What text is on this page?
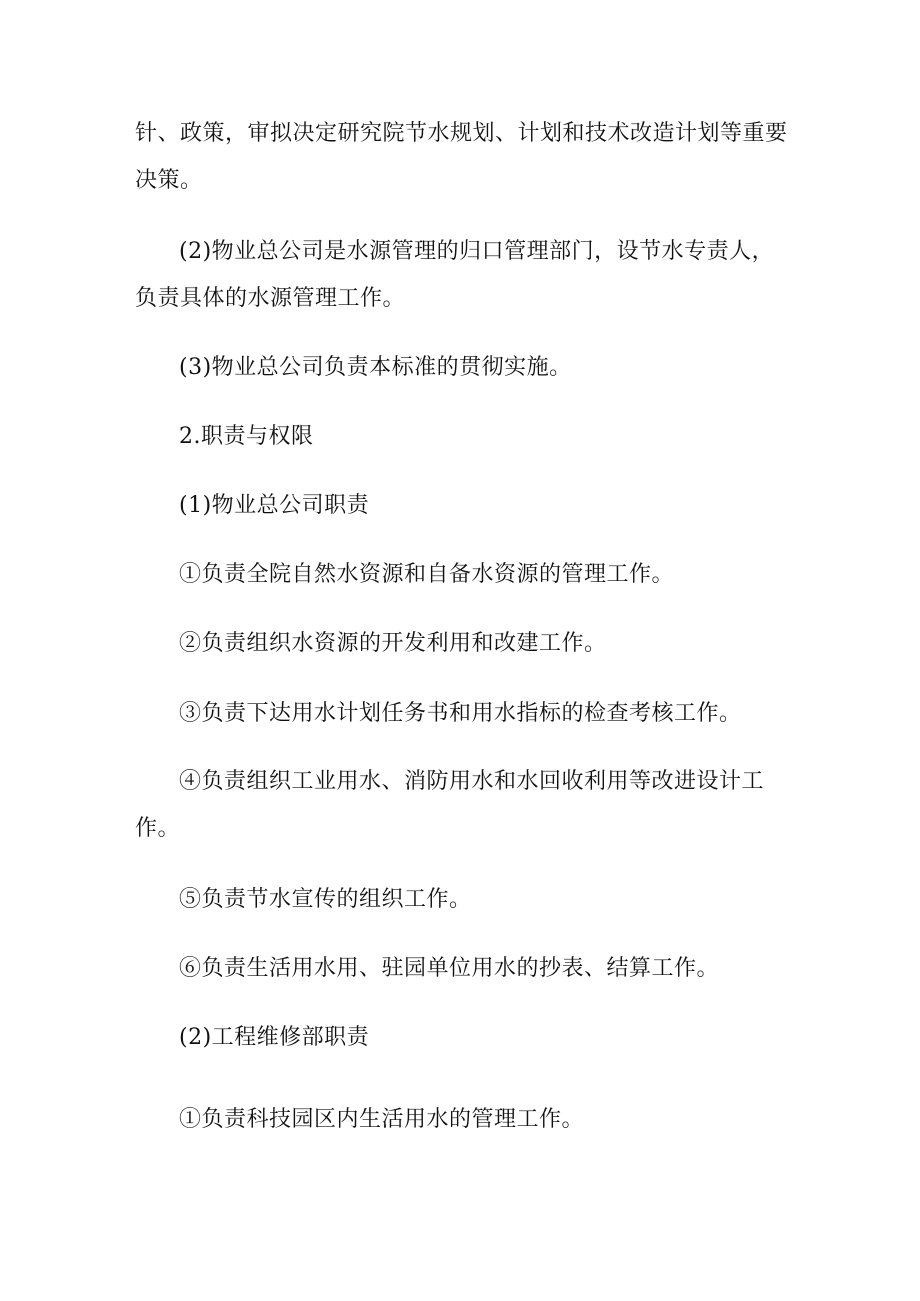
针、政策，审拟决定研究院节水规划、计划和技术改造计划等重要决策。

(2)物业总公司是水源管理的归口管理部门，设节水专责人，负责具体的水源管理工作。

(3)物业总公司负责本标准的贯彻实施。

2.职责与权限

(1)物业总公司职责

①负责全院自然水资源和自备水资源的管理工作。

②负责组织水资源的开发利用和改建工作。

③负责下达用水计划任务书和用水指标的检查考核工作。

④负责组织工业用水、消防用水和水回收利用等改进设计工作。

⑤负责节水宣传的组织工作。

⑥负责生活用水用、驻园单位用水的抄表、结算工作。

(2)工程维修部职责

①负责科技园区内生活用水的管理工作。
